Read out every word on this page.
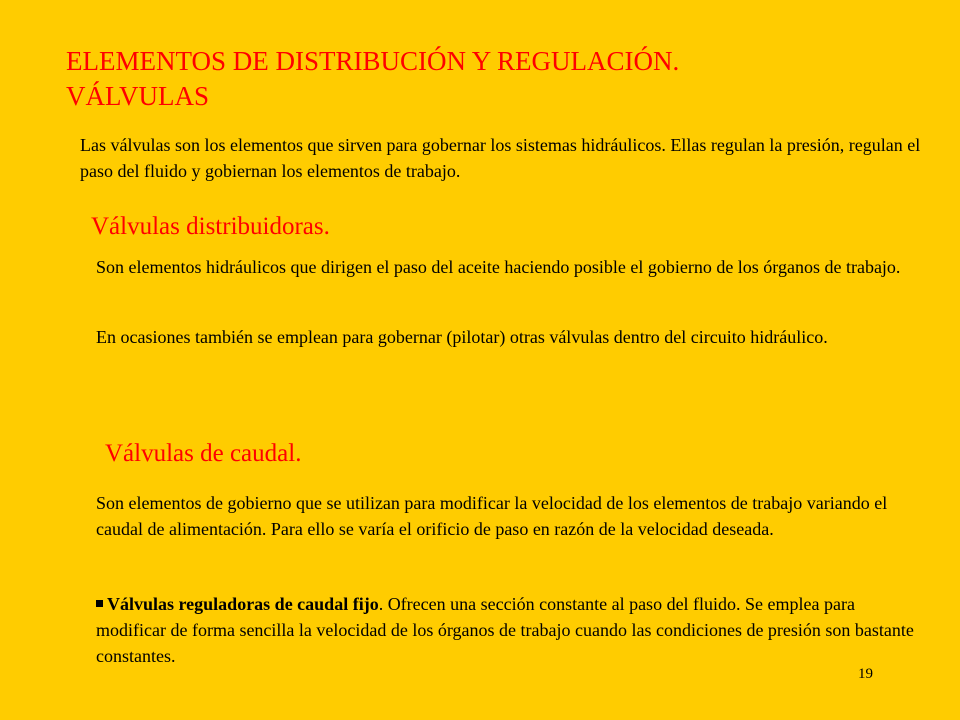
ELEMENTOS DE DISTRIBUCIÓN Y REGULACIÓN.
VÁLVULAS

Las válvulas son los elementos que sirven para gobernar los sistemas hidráulicos. Ellas regulan la presión, regulan el paso del fluido y gobiernan los elementos de trabajo.

Válvulas distribuidoras.

Son elementos hidráulicos que dirigen el paso del aceite haciendo posible el gobierno de los órganos de trabajo.

En ocasiones también se emplean para gobernar (pilotar) otras válvulas dentro del circuito hidráulico.

Válvulas de caudal.

Son elementos de gobierno que se utilizan para modificar la velocidad de los elementos de trabajo variando el caudal de alimentación. Para ello se varía el orificio de paso en razón de la velocidad deseada.

Válvulas reguladoras de caudal fijo. Ofrecen una sección constante al paso del fluido. Se emplea para modificar de forma sencilla la velocidad de los órganos de trabajo cuando las condiciones de presión son bastante constantes.

19
